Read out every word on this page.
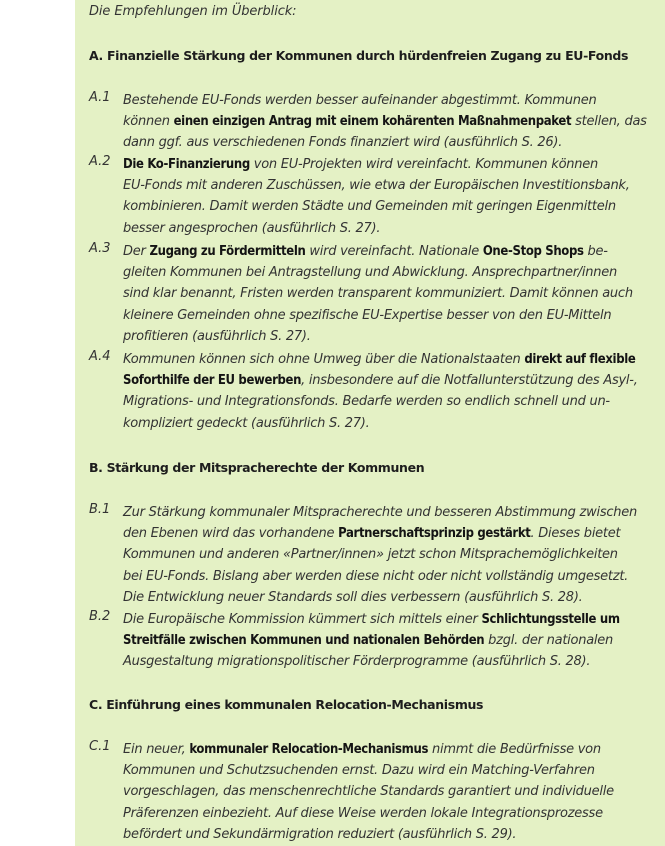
Die Empfehlungen im Überblick:
A. Finanzielle Stärkung der Kommunen durch hürdenfreien Zugang zu EU-Fonds
A.1 Bestehende EU-Fonds werden besser aufeinander abgestimmt. Kommunen
können einen einzigen Antrag mit einem kohärenten Maßnahmenpaket stellen, das
dann ggf. aus verschiedenen Fonds finanziert wird (ausführlich S. 26).
A.2 Die Ko-Finanzierung von EU-Projekten wird vereinfacht. Kommunen können
EU-Fonds mit anderen Zuschüssen, wie etwa der Europäischen Investitionsbank,
kombinieren. Damit werden Städte und Gemeinden mit geringen Eigenmitteln
besser angesprochen (ausführlich S. 27).
A.3 Der Zugang zu Fördermitteln wird vereinfacht. Nationale One-Stop Shops be-
gleiten Kommunen bei Antragstellung und Abwicklung. Ansprechpartner/innen
sind klar benannt, Fristen werden transparent kommuniziert. Damit können auch
kleinere Gemeinden ohne spezifische EU-Expertise besser von den EU-Mitteln
profitieren (ausführlich S. 27).
A.4 Kommunen können sich ohne Umweg über die Nationalstaaten direkt auf flexible
Soforthilfe der EU bewerben, insbesondere auf die Notfallunterstützung des Asyl-,
Migrations- und Integrationsfonds. Bedarfe werden so endlich schnell und un-
kompliziert gedeckt (ausführlich S. 27).
B. Stärkung der Mitspracherechte der Kommunen
B.1 Zur Stärkung kommunaler Mitspracherechte und besseren Abstimmung zwischen
den Ebenen wird das vorhandene Partnerschaftsprinzip gestärkt. Dieses bietet
Kommunen und anderen «Partner/innen» jetzt schon Mitsprachemöglichkeiten
bei EU-Fonds. Bislang aber werden diese nicht oder nicht vollständig umgesetzt.
Die Entwicklung neuer Standards soll dies verbessern (ausführlich S. 28).
B.2 Die Europäische Kommission kümmert sich mittels einer Schlichtungsstelle um
Streitfälle zwischen Kommunen und nationalen Behörden bzgl. der nationalen
Ausgestaltung migrationspolitischer Förderprogramme (ausführlich S. 28).
C. Einführung eines kommunalen Relocation-Mechanismus
C.1 Ein neuer, kommunaler Relocation-Mechanismus nimmt die Bedürfnisse von
Kommunen und Schutzsuchenden ernst. Dazu wird ein Matching-Verfahren
vorgeschlagen, das menschenrechtliche Standards garantiert und individuelle
Präferenzen einbezieht. Auf diese Weise werden lokale Integrationsprozesse
befördert und Sekundärmigration reduziert (ausführlich S. 29).
